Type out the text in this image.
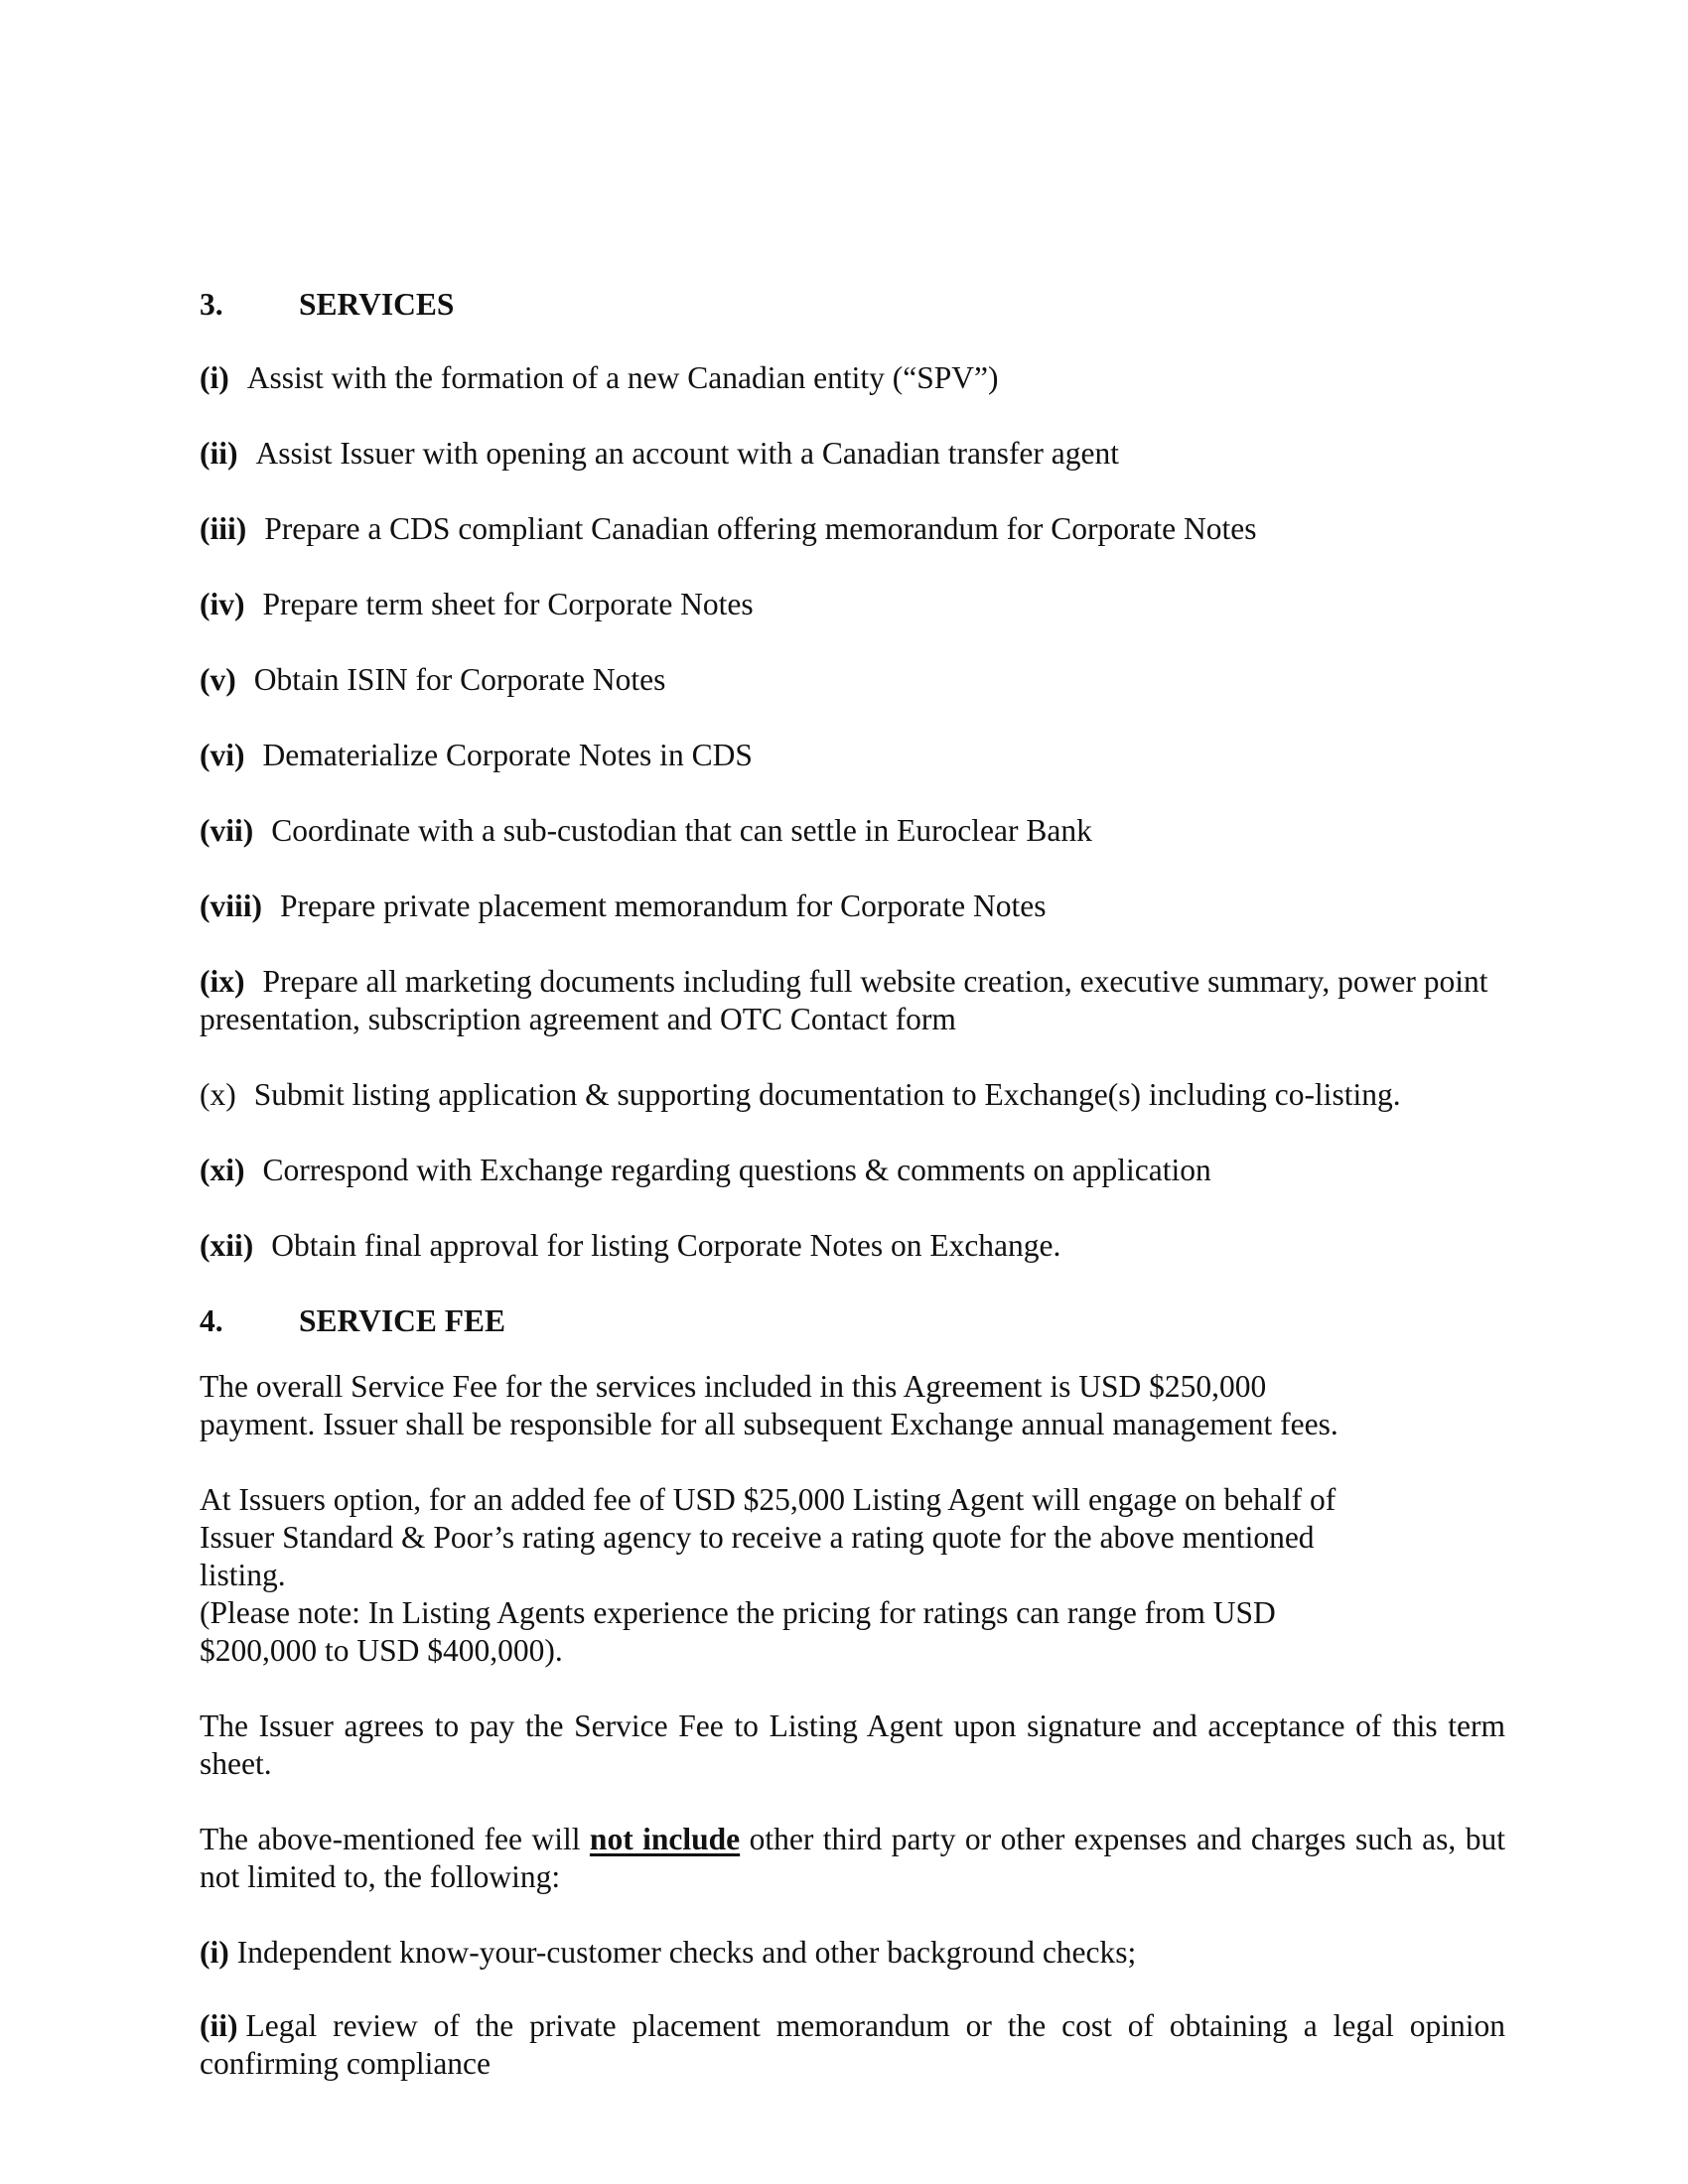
3.	SERVICES
(i) Assist with the formation of a new Canadian entity (“SPV”)
(ii) Assist Issuer with opening an account with a Canadian transfer agent
(iii) Prepare a CDS compliant Canadian offering memorandum for Corporate Notes
(iv) Prepare term sheet for Corporate Notes
(v) Obtain ISIN for Corporate Notes
(vi) Dematerialize Corporate Notes in CDS
(vii) Coordinate with a sub-custodian that can settle in Euroclear Bank
(viii) Prepare private placement memorandum for Corporate Notes
(ix) Prepare all marketing documents including full website creation, executive summary, power point presentation, subscription agreement and OTC Contact form
(x) Submit listing application & supporting documentation to Exchange(s) including co-listing.
(xi) Correspond with Exchange regarding questions & comments on application
(xii) Obtain final approval for listing Corporate Notes on Exchange.
4.	SERVICE FEE
The overall Service Fee for the services included in this Agreement is USD $250,000
payment. Issuer shall be responsible for all subsequent Exchange annual management fees.
At Issuers option, for an added fee of USD $25,000 Listing Agent will engage on behalf of
Issuer Standard & Poor’s rating agency to receive a rating quote for the above mentioned
listing.
(Please note: In Listing Agents experience the pricing for ratings can range from USD
$200,000 to USD $400,000).
The Issuer agrees to pay the Service Fee to Listing Agent upon signature and acceptance of this term sheet.
The above-mentioned fee will not include other third party or other expenses and charges such as, but not limited to, the following:
(i) Independent know-your-customer checks and other background checks;
(ii) Legal review of the private placement memorandum or the cost of obtaining a legal opinion confirming compliance
